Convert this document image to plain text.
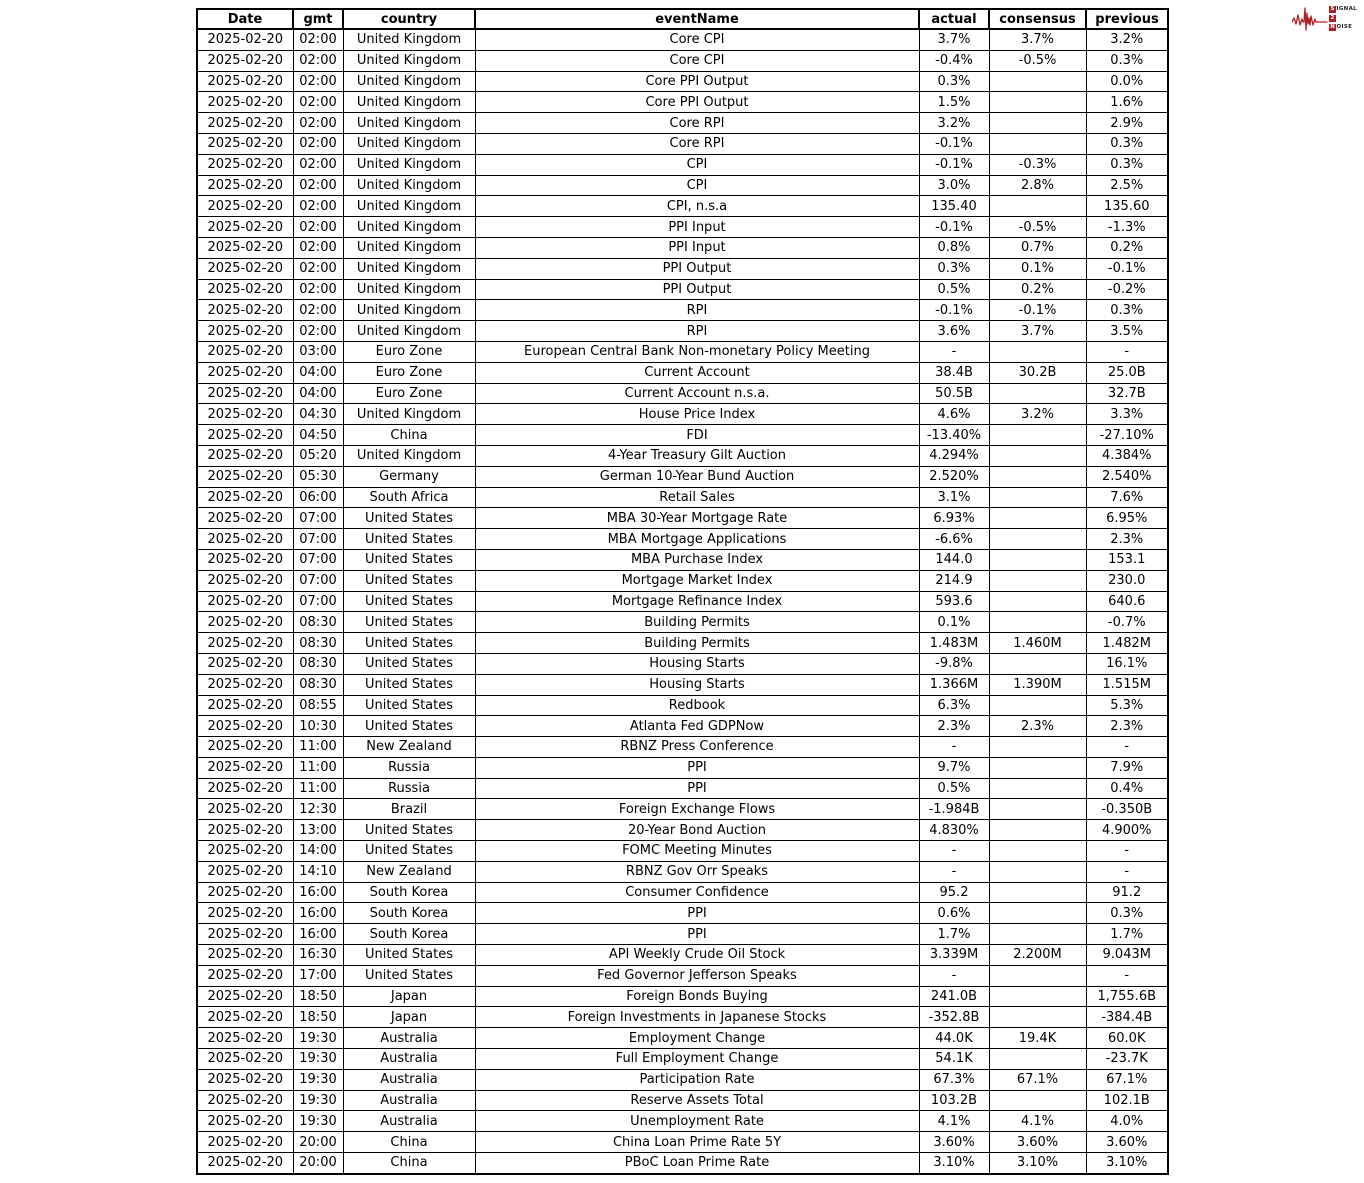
Date	gmt	country	eventName	actual	consensus	previous
2025-02-20	02:00	United Kingdom	Core CPI	3.7%	3.7%	3.2%
2025-02-20	02:00	United Kingdom	Core CPI	-0.4%	-0.5%	0.3%
2025-02-20	02:00	United Kingdom	Core PPI Output	0.3%		0.0%
2025-02-20	02:00	United Kingdom	Core PPI Output	1.5%		1.6%
2025-02-20	02:00	United Kingdom	Core RPI	3.2%		2.9%
2025-02-20	02:00	United Kingdom	Core RPI	-0.1%		0.3%
2025-02-20	02:00	United Kingdom	CPI	-0.1%	-0.3%	0.3%
2025-02-20	02:00	United Kingdom	CPI	3.0%	2.8%	2.5%
2025-02-20	02:00	United Kingdom	CPI, n.s.a	135.40		135.60
2025-02-20	02:00	United Kingdom	PPI Input	-0.1%	-0.5%	-1.3%
2025-02-20	02:00	United Kingdom	PPI Input	0.8%	0.7%	0.2%
2025-02-20	02:00	United Kingdom	PPI Output	0.3%	0.1%	-0.1%
2025-02-20	02:00	United Kingdom	PPI Output	0.5%	0.2%	-0.2%
2025-02-20	02:00	United Kingdom	RPI	-0.1%	-0.1%	0.3%
2025-02-20	02:00	United Kingdom	RPI	3.6%	3.7%	3.5%
2025-02-20	03:00	Euro Zone	European Central Bank Non-monetary Policy Meeting	-		-
2025-02-20	04:00	Euro Zone	Current Account	38.4B	30.2B	25.0B
2025-02-20	04:00	Euro Zone	Current Account n.s.a.	50.5B		32.7B
2025-02-20	04:30	United Kingdom	House Price Index	4.6%	3.2%	3.3%
2025-02-20	04:50	China	FDI	-13.40%		-27.10%
2025-02-20	05:20	United Kingdom	4-Year Treasury Gilt Auction	4.294%		4.384%
2025-02-20	05:30	Germany	German 10-Year Bund Auction	2.520%		2.540%
2025-02-20	06:00	South Africa	Retail Sales	3.1%		7.6%
2025-02-20	07:00	United States	MBA 30-Year Mortgage Rate	6.93%		6.95%
2025-02-20	07:00	United States	MBA Mortgage Applications	-6.6%		2.3%
2025-02-20	07:00	United States	MBA Purchase Index	144.0		153.1
2025-02-20	07:00	United States	Mortgage Market Index	214.9		230.0
2025-02-20	07:00	United States	Mortgage Refinance Index	593.6		640.6
2025-02-20	08:30	United States	Building Permits	0.1%		-0.7%
2025-02-20	08:30	United States	Building Permits	1.483M	1.460M	1.482M
2025-02-20	08:30	United States	Housing Starts	-9.8%		16.1%
2025-02-20	08:30	United States	Housing Starts	1.366M	1.390M	1.515M
2025-02-20	08:55	United States	Redbook	6.3%		5.3%
2025-02-20	10:30	United States	Atlanta Fed GDPNow	2.3%	2.3%	2.3%
2025-02-20	11:00	New Zealand	RBNZ Press Conference	-		-
2025-02-20	11:00	Russia	PPI	9.7%		7.9%
2025-02-20	11:00	Russia	PPI	0.5%		0.4%
2025-02-20	12:30	Brazil	Foreign Exchange Flows	-1.984B		-0.350B
2025-02-20	13:00	United States	20-Year Bond Auction	4.830%		4.900%
2025-02-20	14:00	United States	FOMC Meeting Minutes	-		-
2025-02-20	14:10	New Zealand	RBNZ Gov Orr Speaks	-		-
2025-02-20	16:00	South Korea	Consumer Confidence	95.2		91.2
2025-02-20	16:00	South Korea	PPI	0.6%		0.3%
2025-02-20	16:00	South Korea	PPI	1.7%		1.7%
2025-02-20	16:30	United States	API Weekly Crude Oil Stock	3.339M	2.200M	9.043M
2025-02-20	17:00	United States	Fed Governor Jefferson Speaks	-		-
2025-02-20	18:50	Japan	Foreign Bonds Buying	241.0B		1,755.6B
2025-02-20	18:50	Japan	Foreign Investments in Japanese Stocks	-352.8B		-384.4B
2025-02-20	19:30	Australia	Employment Change	44.0K	19.4K	60.0K
2025-02-20	19:30	Australia	Full Employment Change	54.1K		-23.7K
2025-02-20	19:30	Australia	Participation Rate	67.3%	67.1%	67.1%
2025-02-20	19:30	Australia	Reserve Assets Total	103.2B		102.1B
2025-02-20	19:30	Australia	Unemployment Rate	4.1%	4.1%	4.0%
2025-02-20	20:00	China	China Loan Prime Rate 5Y	3.60%	3.60%	3.60%
2025-02-20	20:00	China	PBoC Loan Prime Rate	3.10%	3.10%	3.10%
S IGNAL
2
N OISE
